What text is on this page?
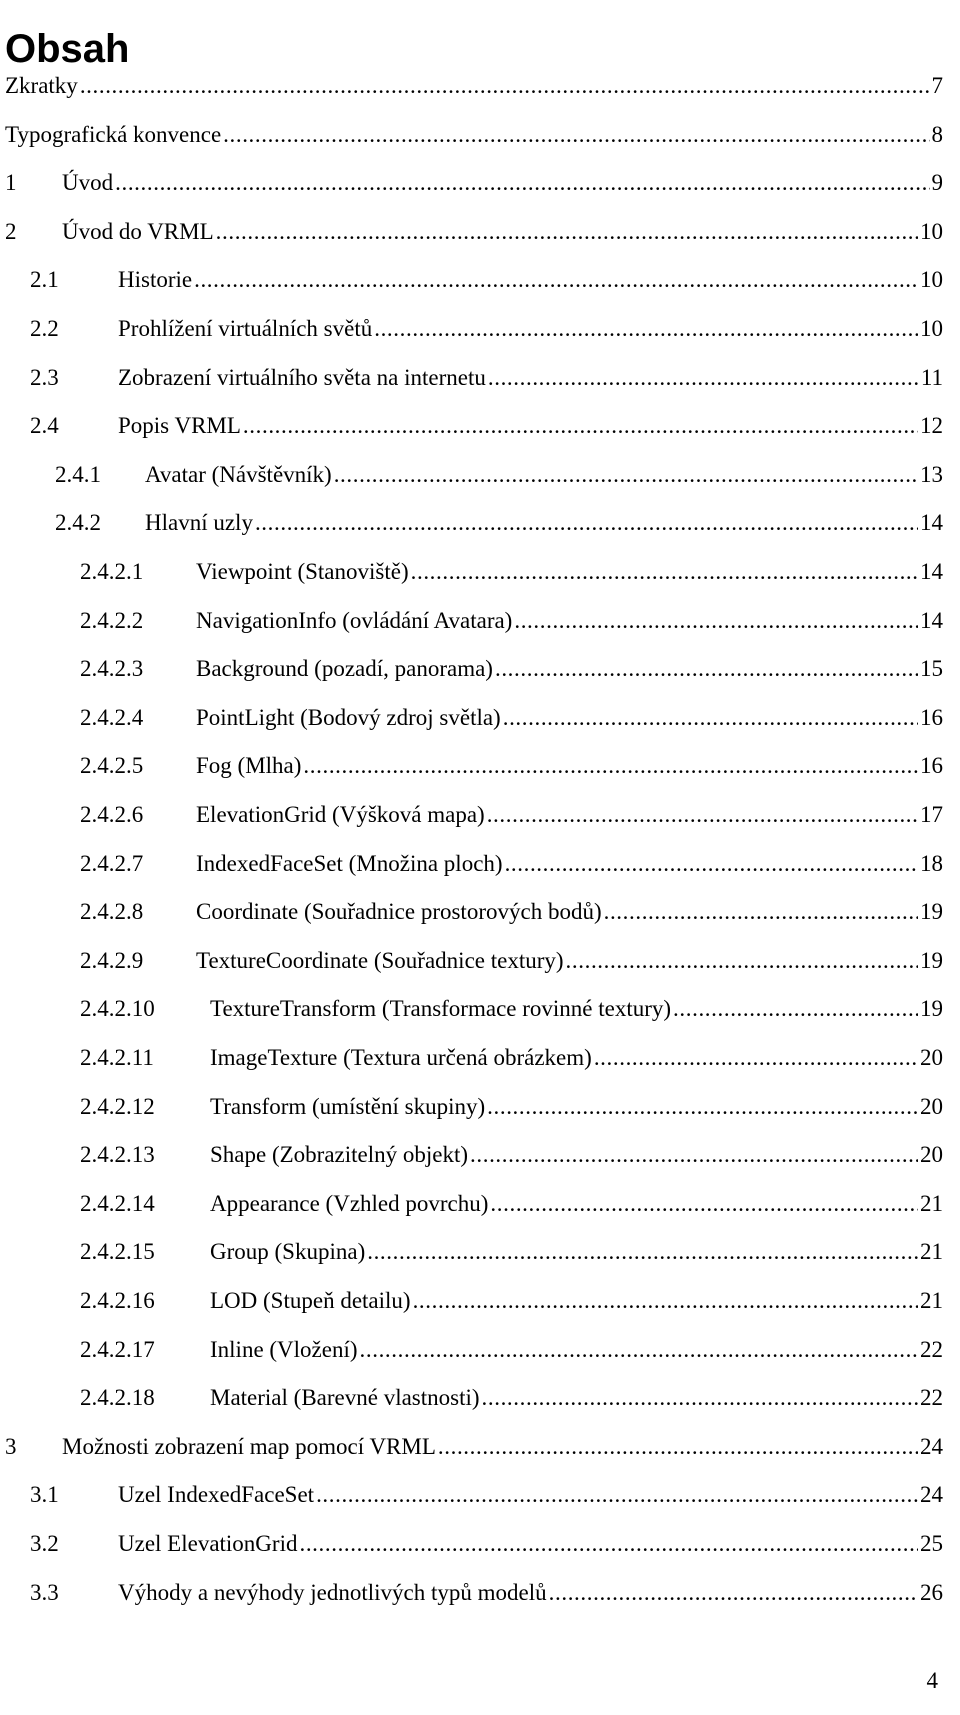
Obsah
Zkratky .....	7
Typografická konvence .....	8
1 Úvod .....	9
2 Úvod do VRML .....	10
2.1	Historie .....	10
2.2	Prohlížení virtuálních světů .....	10
2.3	Zobrazení virtuálního světa na internetu .....	11
2.4	Popis VRML .....	12
2.4.1 Avatar (Návštěvník) .....	13
2.4.2 Hlavní uzly .....	14
2.4.2.1 Viewpoint (Stanoviště) .....	14
2.4.2.2 NavigationInfo (ovládání Avatara) .....	14
2.4.2.3 Background (pozadí, panorama) .....	15
2.4.2.4 PointLight (Bodový zdroj světla) .....	16
2.4.2.5 Fog (Mlha) .....	16
2.4.2.6 ElevationGrid (Výšková mapa) .....	17
2.4.2.7 IndexedFaceSet (Množina ploch) .....	18
2.4.2.8 Coordinate (Souřadnice prostorových bodů) .....	19
2.4.2.9 TextureCoordinate (Souřadnice textury) .....	19
2.4.2.10 TextureTransform (Transformace rovinné textury) .....	19
2.4.2.11 ImageTexture (Textura určená obrázkem) .....	20
2.4.2.12 Transform (umístění skupiny) .....	20
2.4.2.13 Shape (Zobrazitelný objekt) .....	20
2.4.2.14 Appearance (Vzhled povrchu) .....	21
2.4.2.15 Group (Skupina) .....	21
2.4.2.16 LOD (Stupeň detailu) .....	21
2.4.2.17 Inline (Vložení) .....	22
2.4.2.18 Material (Barevné vlastnosti) .....	22
3 Možnosti zobrazení map pomocí VRML .....	24
3.1	Uzel IndexedFaceSet .....	24
3.2	Uzel ElevationGrid .....	25
3.3	Výhody a nevýhody jednotlivých typů modelů .....	26
4
